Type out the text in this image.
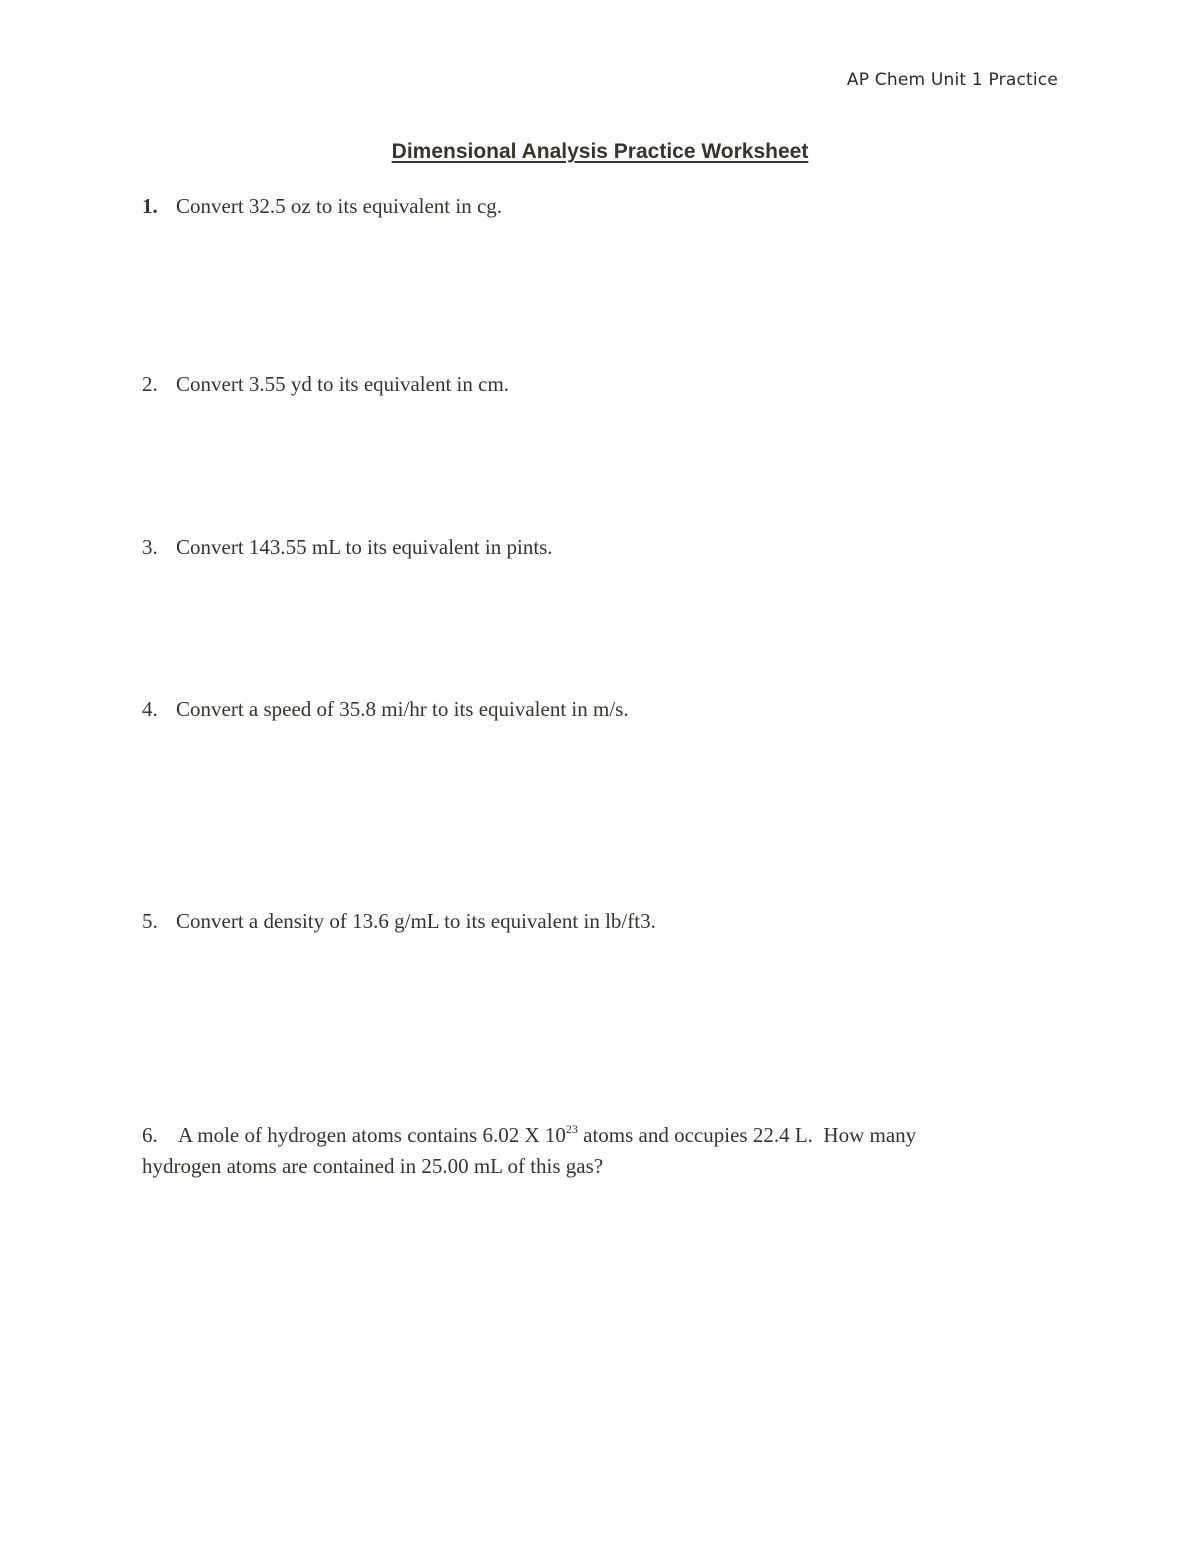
AP Chem Unit 1 Practice
Dimensional Analysis Practice Worksheet
1. Convert 32.5 oz to its equivalent in cg.
2. Convert 3.55 yd to its equivalent in cm.
3. Convert 143.55 mL to its equivalent in pints.
4. Convert a speed of 35.8 mi/hr to its equivalent in m/s.
5. Convert a density of 13.6 g/mL to its equivalent in lb/ft3.
6. A mole of hydrogen atoms contains 6.02 X $10^{23}$ atoms and occupies 22.4 L.  How many
hydrogen atoms are contained in 25.00 mL of this gas?
